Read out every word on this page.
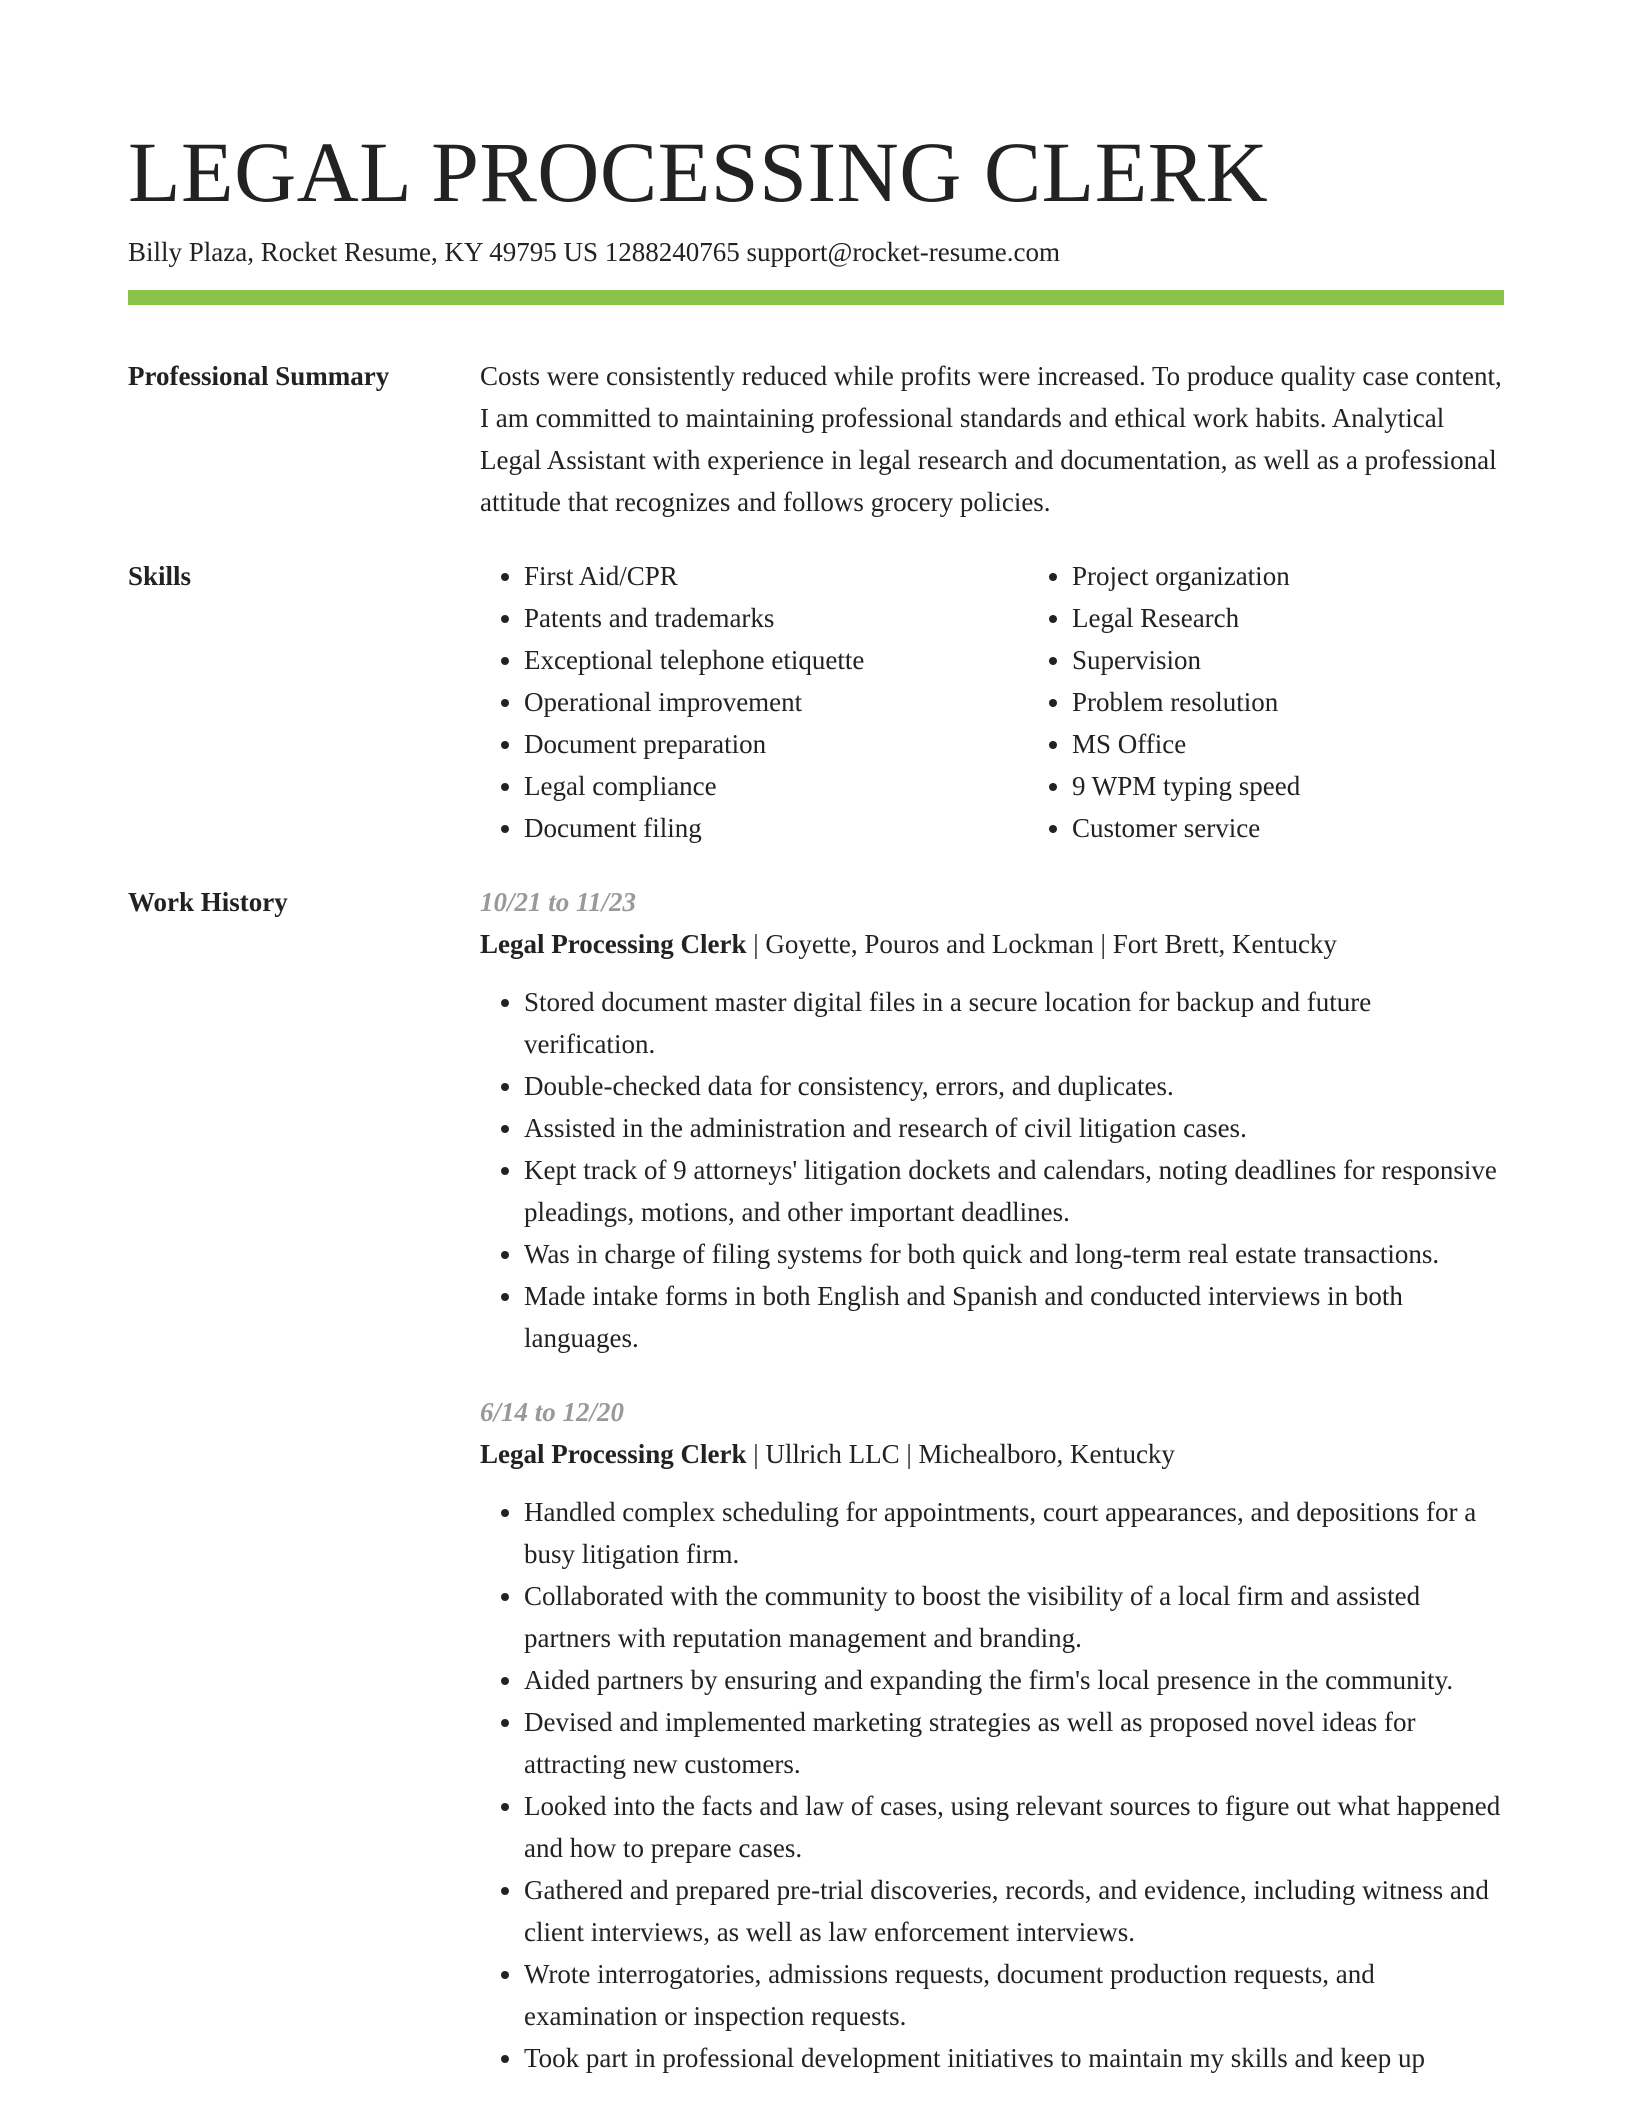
LEGAL PROCESSING CLERK
Billy Plaza, Rocket Resume, KY 49795 US 1288240765 support@rocket-resume.com
Professional Summary	Costs were consistently reduced while profits were increased. To produce quality case content, I am committed to maintaining professional standards and ethical work habits. Analytical Legal Assistant with experience in legal research and documentation, as well as a professional attitude that recognizes and follows grocery policies.
Skills
•	First Aid/CPR
• Patents and trademarks
• Exceptional telephone etiquette
• Operational improvement
• Document preparation
• Legal compliance
• Document filing
• Project organization
• Legal Research
• Supervision
• Problem resolution
• MS Office
• 9 WPM typing speed
• Customer service
Work History	10/21 to 11/23
Legal Processing Clerk | Goyette, Pouros and Lockman | Fort Brett, Kentucky
• Stored document master digital files in a secure location for backup and future verification.
• Double-checked data for consistency, errors, and duplicates.
• Assisted in the administration and research of civil litigation cases.
• Kept track of 9 attorneys' litigation dockets and calendars, noting deadlines for responsive pleadings, motions, and other important deadlines.
• Was in charge of filing systems for both quick and long-term real estate transactions.
• Made intake forms in both English and Spanish and conducted interviews in both languages.
6/14 to 12/20
Legal Processing Clerk | Ullrich LLC | Michealboro, Kentucky
• Handled complex scheduling for appointments, court appearances, and depositions for a busy litigation firm.
• Collaborated with the community to boost the visibility of a local firm and assisted partners with reputation management and branding.
• Aided partners by ensuring and expanding the firm's local presence in the community.
• Devised and implemented marketing strategies as well as proposed novel ideas for attracting new customers.
• Looked into the facts and law of cases, using relevant sources to figure out what happened and how to prepare cases.
• Gathered and prepared pre-trial discoveries, records, and evidence, including witness and client interviews, as well as law enforcement interviews.
• Wrote interrogatories, admissions requests, document production requests, and examination or inspection requests.
• Took part in professional development initiatives to maintain my skills and keep up
